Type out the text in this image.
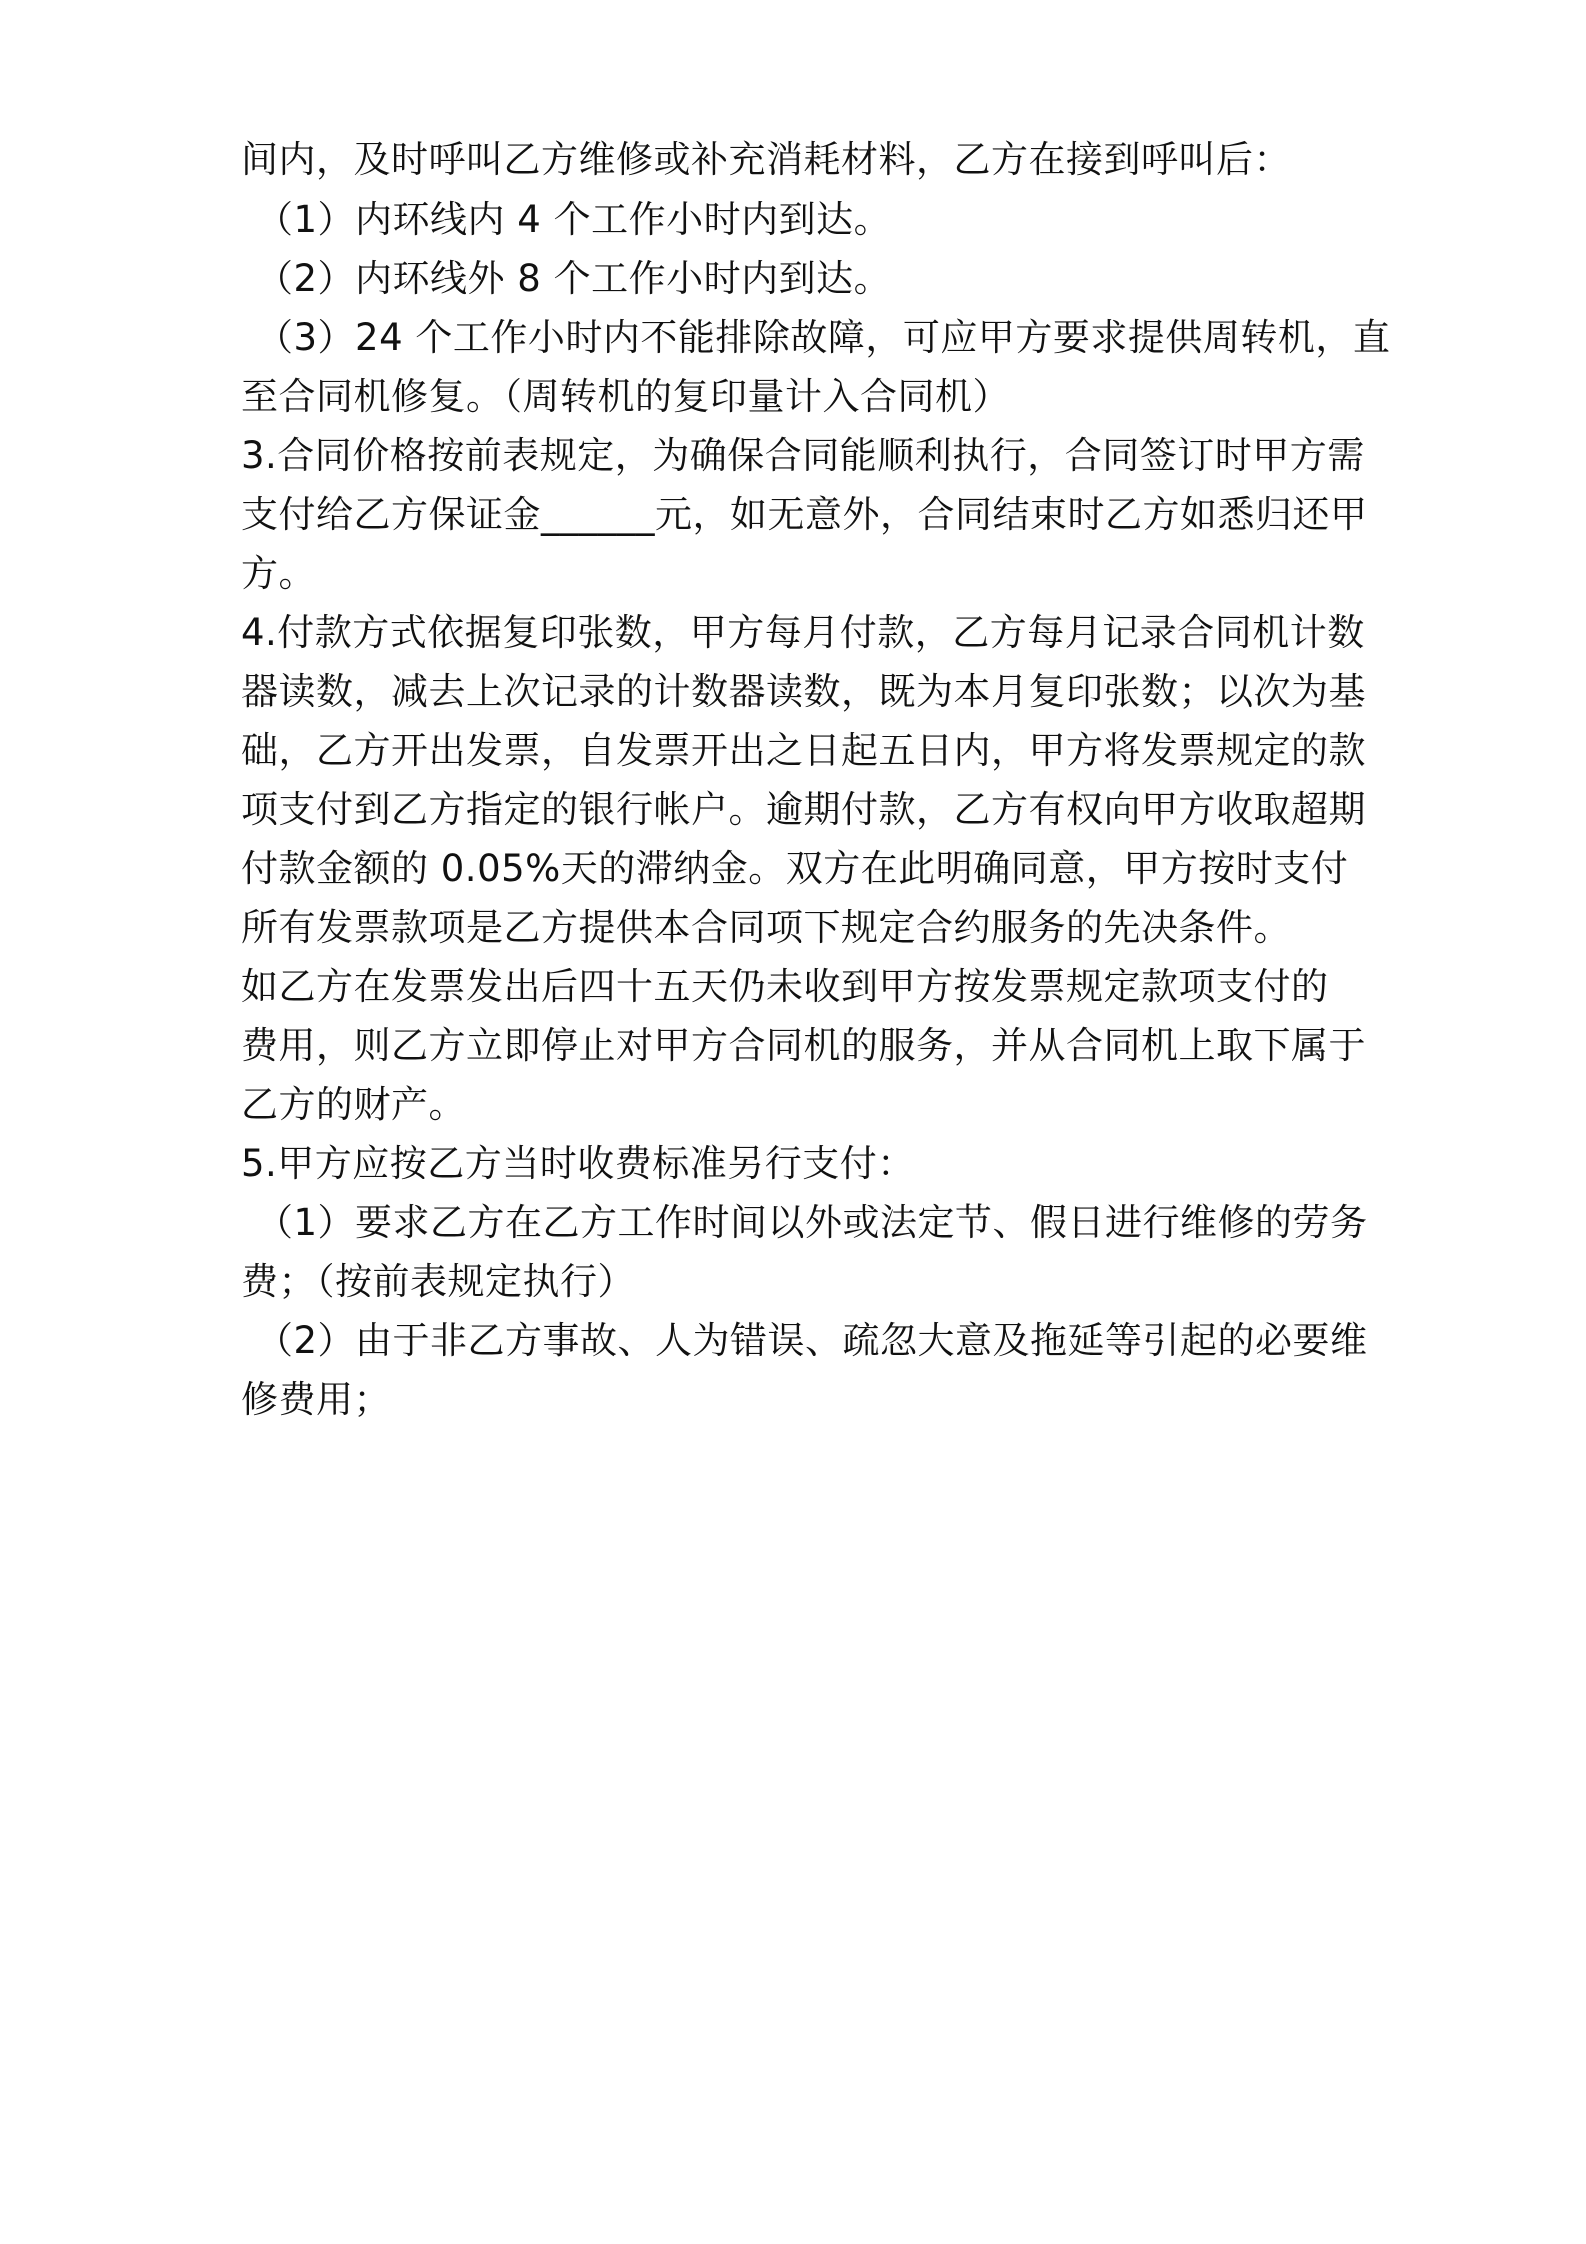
间内，及时呼叫乙方维修或补充消耗材料，乙方在接到呼叫后：
（1）内环线内 4 个工作小时内到达。
（2）内环线外 8 个工作小时内到达。
（3）24 个工作小时内不能排除故障，可应甲方要求提供周转机，直
至合同机修复。（周转机的复印量计入合同机）
3.合同价格按前表规定，为确保合同能顺利执行，合同签订时甲方需
支付给乙方保证金______元，如无意外，合同结束时乙方如悉归还甲
方。
4.付款方式依据复印张数，甲方每月付款，乙方每月记录合同机计数
器读数，减去上次记录的计数器读数，既为本月复印张数；以次为基
础，乙方开出发票，自发票开出之日起五日内，甲方将发票规定的款
项支付到乙方指定的银行帐户。逾期付款，乙方有权向甲方收取超期
付款金额的 0.05%天的滞纳金。双方在此明确同意，甲方按时支付
所有发票款项是乙方提供本合同项下规定合约服务的先决条件。
如乙方在发票发出后四十五天仍未收到甲方按发票规定款项支付的
费用，则乙方立即停止对甲方合同机的服务，并从合同机上取下属于
乙方的财产。
5.甲方应按乙方当时收费标准另行支付：
（1）要求乙方在乙方工作时间以外或法定节、假日进行维修的劳务
费；（按前表规定执行）
（2）由于非乙方事故、人为错误、疏忽大意及拖延等引起的必要维
修费用；
